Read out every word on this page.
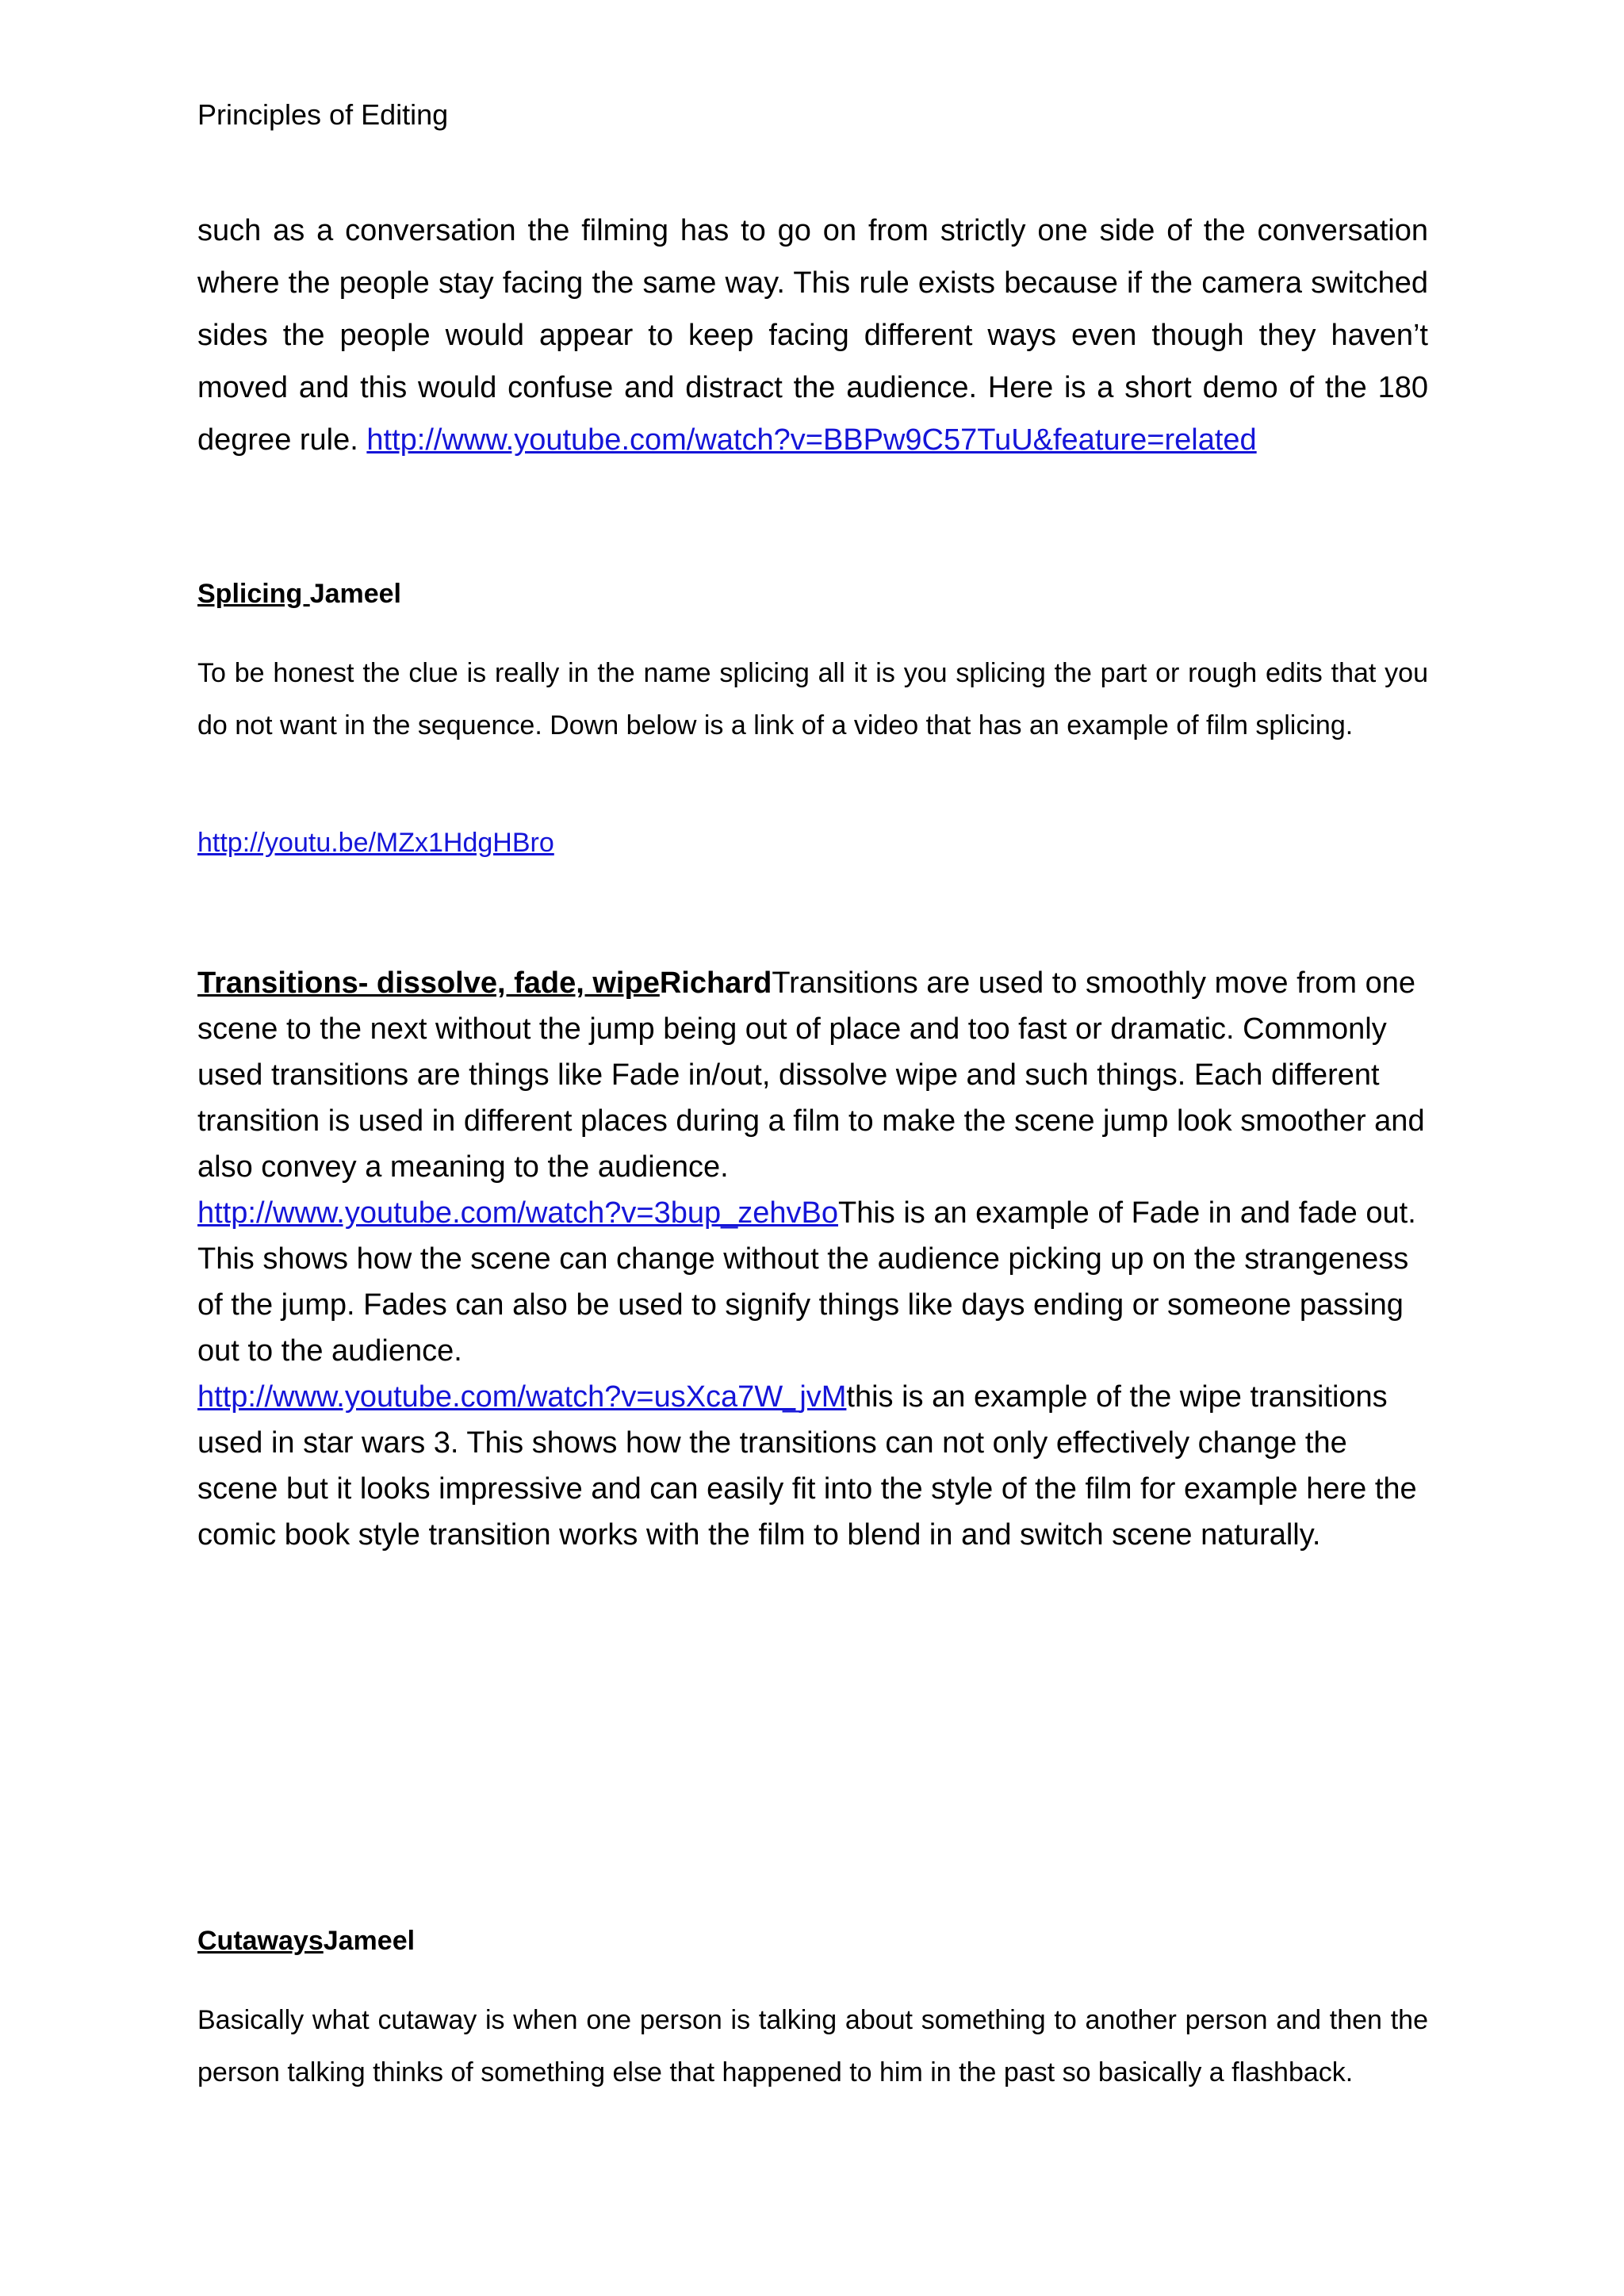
Principles of Editing
such as a conversation the filming has to go on from strictly one side of the conversation where the people stay facing the same way. This rule exists because if the camera switched sides the people would appear to keep facing different ways even though they haven’t moved and this would confuse and distract the audience. Here is a short demo of the 180 degree rule. http://www.youtube.com/watch?v=BBPw9C57TuU&feature=related
Splicing Jameel
To be honest the clue is really in the name splicing all it is you splicing the part or rough edits that you do not want in the sequence. Down below is a link of a video that has an example of film splicing.
http://youtu.be/MZx1HdgHBro
Transitions- dissolve, fade, wipeRichardTransitions are used to smoothly move from one scene to the next without the jump being out of place and too fast or dramatic. Commonly used transitions are things like Fade in/out, dissolve wipe and such things. Each different transition is used in different places during a film to make the scene jump look smoother and also convey a meaning to the audience.
http://www.youtube.com/watch?v=3bup_zehvBoThis is an example of Fade in and fade out. This shows how the scene can change without the audience picking up on the strangeness of the jump. Fades can also be used to signify things like days ending or someone passing out to the audience.
http://www.youtube.com/watch?v=usXca7W_jvMthis is an example of the wipe transitions used in star wars 3. This shows how the transitions can not only effectively change the scene but it looks impressive and can easily fit into the style of the film for example here the comic book style transition works with the film to blend in and switch scene naturally.
CutawaysJameel
Basically what cutaway is when one person is talking about something to another person and then the person talking thinks of something else that happened to him in the past so basically a flashback.
